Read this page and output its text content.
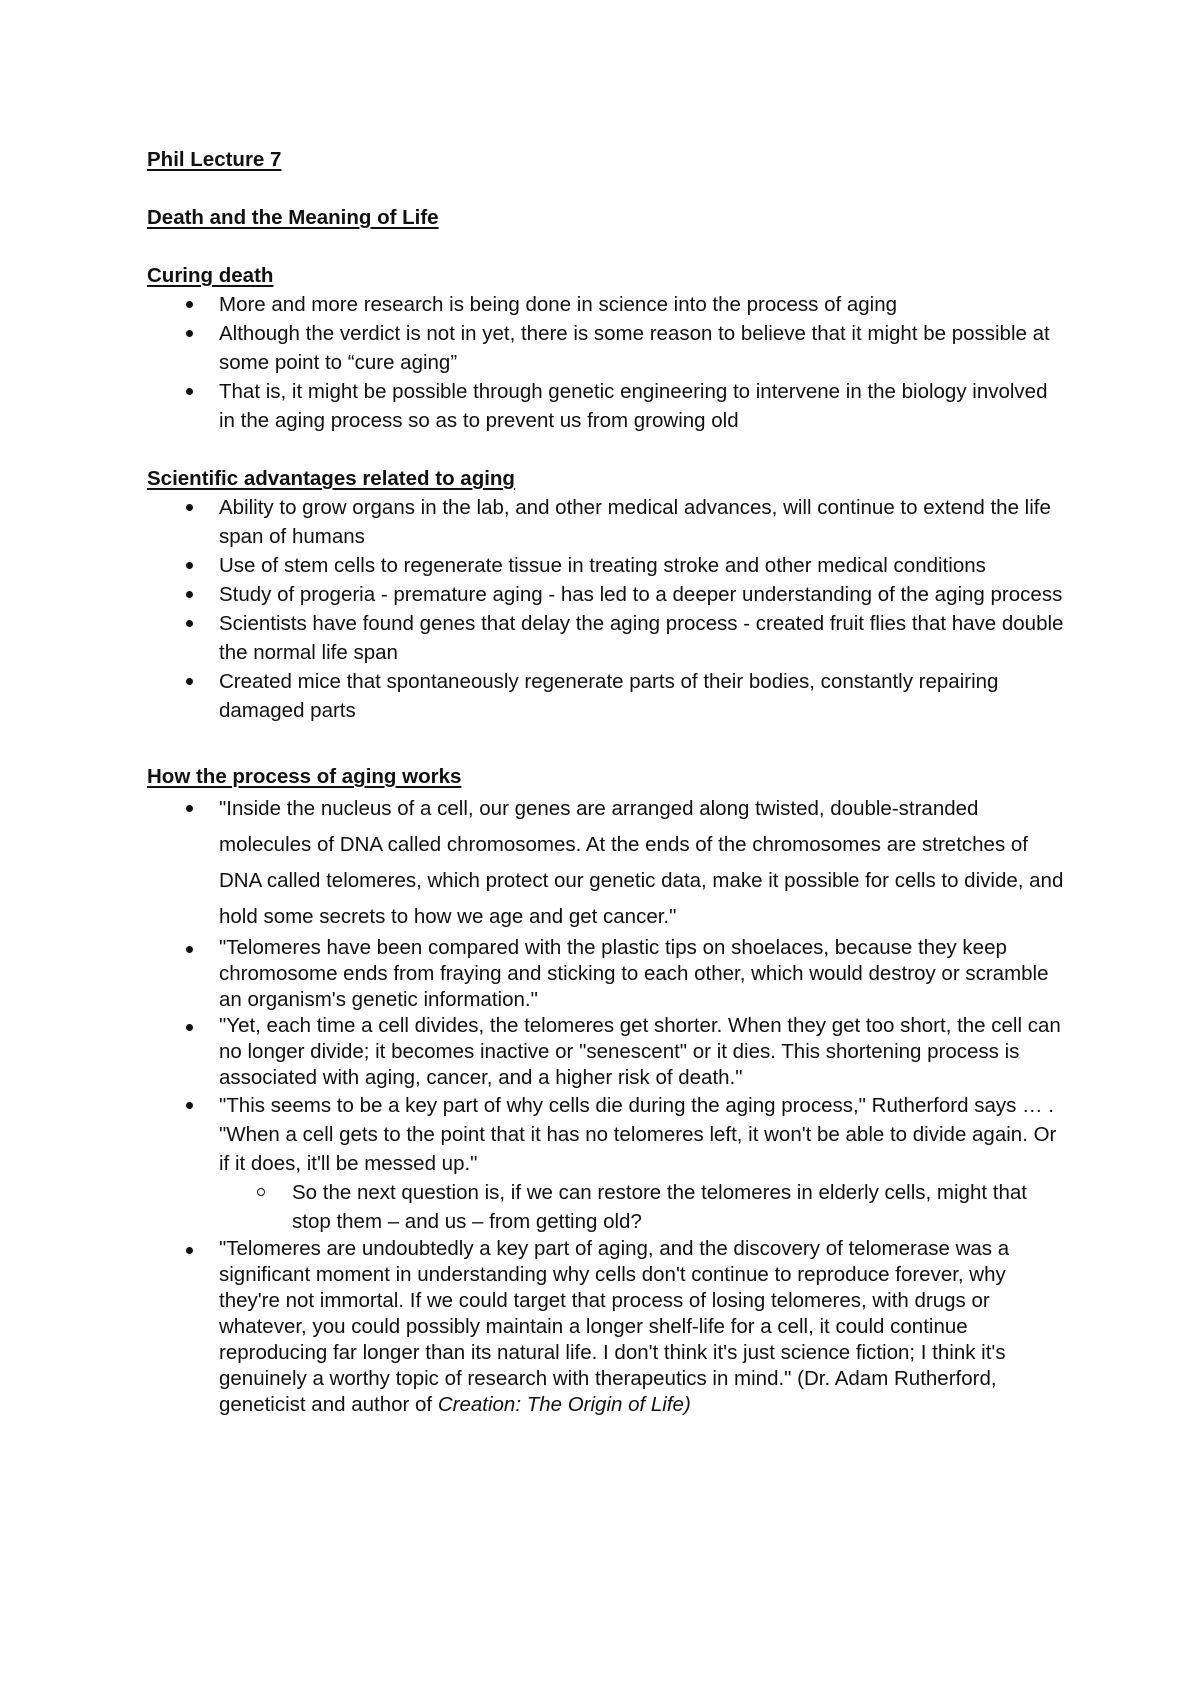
Phil Lecture 7

Death and the Meaning of Life

Curing death

More and more research is being done in science into the process of aging
Although the verdict is not in yet, there is some reason to believe that it might be possible at some point to “cure aging”
That is, it might be possible through genetic engineering to intervene in the biology involved in the aging process so as to prevent us from growing old

Scientific advantages related to aging

Ability to grow organs in the lab, and other medical advances, will continue to extend the life span of humans
Use of stem cells to regenerate tissue in treating stroke and other medical conditions
Study of progeria - premature aging - has led to a deeper understanding of the aging process
Scientists have found genes that delay the aging process - created fruit flies that have double the normal life span
Created mice that spontaneously regenerate parts of their bodies, constantly repairing damaged parts

How the process of aging works

"Inside the nucleus of a cell, our genes are arranged along twisted, double-stranded molecules of DNA called chromosomes. At the ends of the chromosomes are stretches of DNA called telomeres, which protect our genetic data, make it possible for cells to divide, and hold some secrets to how we age and get cancer."
"Telomeres have been compared with the plastic tips on shoelaces, because they keep chromosome ends from fraying and sticking to each other, which would destroy or scramble an organism's genetic information."
"Yet, each time a cell divides, the telomeres get shorter. When they get too short, the cell can no longer divide; it becomes inactive or "senescent" or it dies. This shortening process is associated with aging, cancer, and a higher risk of death."
"This seems to be a key part of why cells die during the aging process," Rutherford says … . "When a cell gets to the point that it has no telomeres left, it won't be able to divide again. Or if it does, it'll be messed up."
So the next question is, if we can restore the telomeres in elderly cells, might that stop them – and us – from getting old?
"Telomeres are undoubtedly a key part of aging, and the discovery of telomerase was a significant moment in understanding why cells don't continue to reproduce forever, why they're not immortal. If we could target that process of losing telomeres, with drugs or whatever, you could possibly maintain a longer shelf-life for a cell, it could continue reproducing far longer than its natural life. I don't think it's just science fiction; I think it's genuinely a worthy topic of research with therapeutics in mind." (Dr. Adam Rutherford, geneticist and author of Creation: The Origin of Life)
